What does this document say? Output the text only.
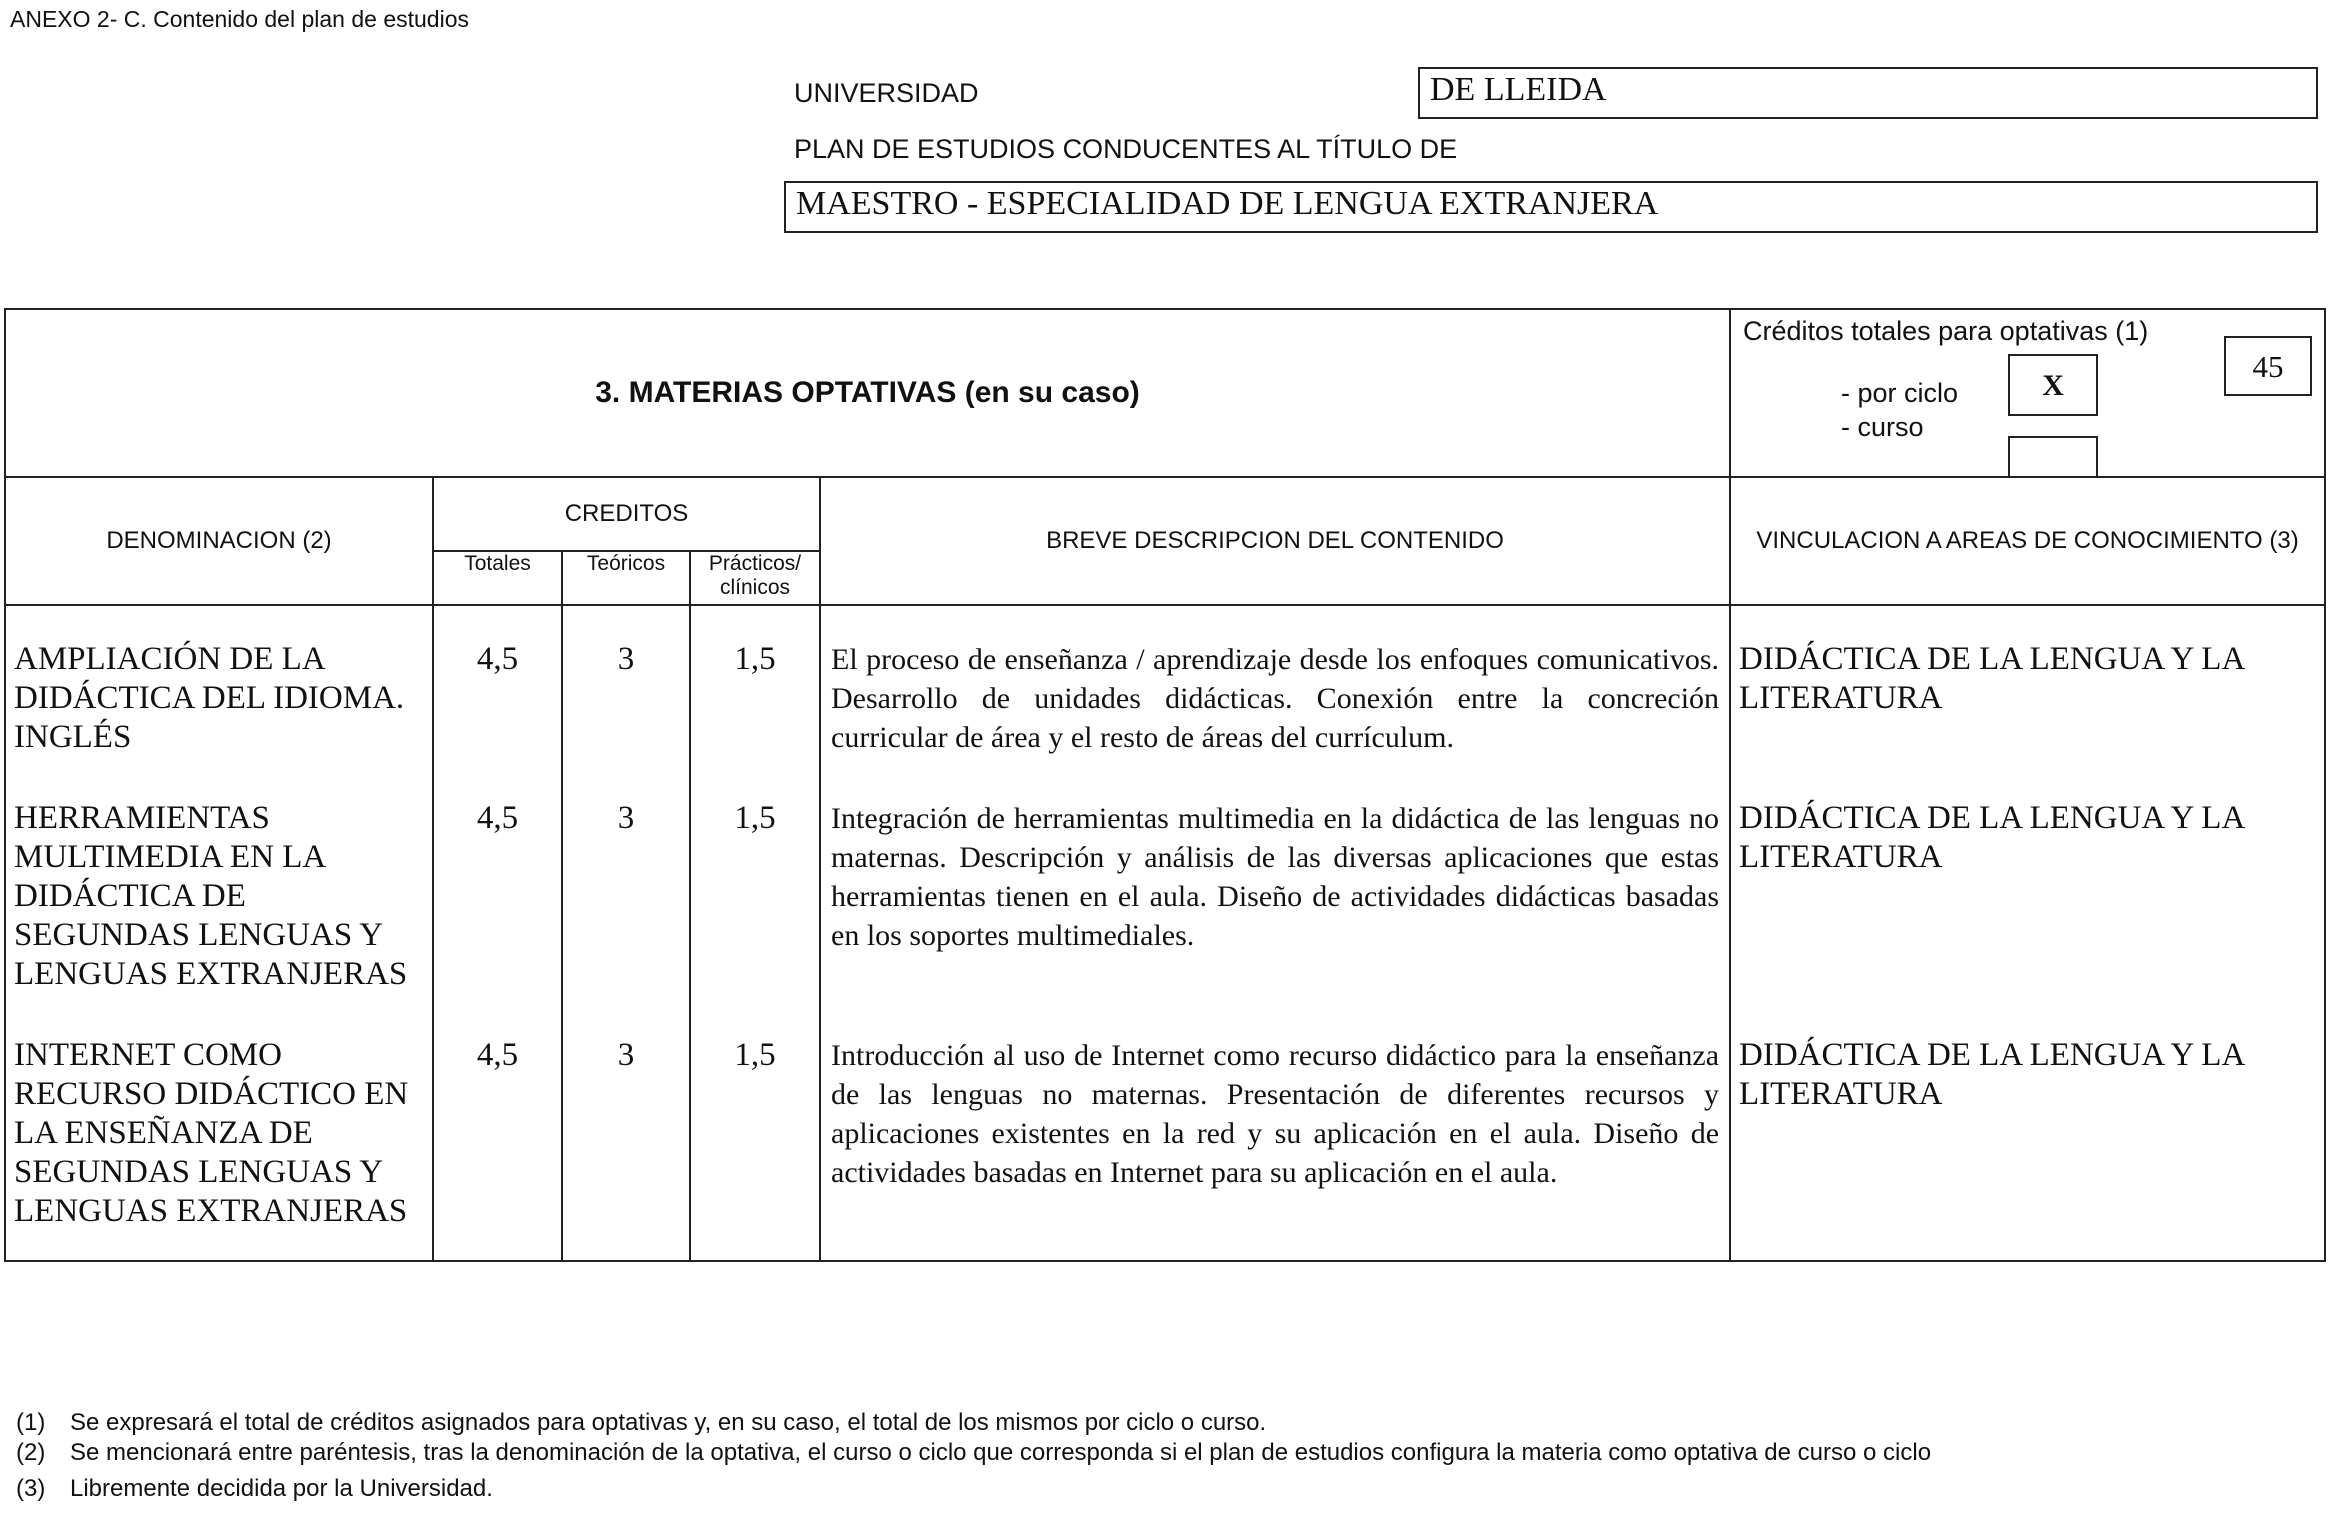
ANEXO 2- C. Contenido del plan de estudios
UNIVERSIDAD	DE LLEIDA
PLAN DE ESTUDIOS CONDUCENTES AL TÍTULO DE
MAESTRO - ESPECIALIDAD DE LENGUA EXTRANJERA
3. MATERIAS OPTATIVAS (en su caso)					Créditos totales para optativas (1)
45
- por ciclo
- curso
X

DENOMINACION (2)	CREDITOS			BREVE DESCRIPCION DEL CONTENIDO	VINCULACION A AREAS DE CONOCIMIENTO (3)
	Totales	Teóricos	Prácticos/ clínicos		

AMPLIACIÓN DE LA DIDÁCTICA DEL IDIOMA. INGLÉS	4,5	3	1,5	El proceso de enseñanza / aprendizaje desde los enfoques comunicativos. Desarrollo de unidades didácticas. Conexión entre la concreción curricular de área y el resto de áreas del currículum.	DIDÁCTICA DE LA LENGUA Y LA LITERATURA

HERRAMIENTAS MULTIMEDIA EN LA DIDÁCTICA DE SEGUNDAS LENGUAS Y LENGUAS EXTRANJERAS	4,5	3	1,5	Integración de herramientas multimedia en la didáctica de las lenguas no maternas. Descripción y análisis de las diversas aplicaciones que estas herramientas tienen en el aula. Diseño de actividades didácticas basadas en los soportes multimediales.	DIDÁCTICA DE LA LENGUA Y LA LITERATURA

INTERNET COMO RECURSO DIDÁCTICO EN LA ENSEÑANZA DE SEGUNDAS LENGUAS Y LENGUAS EXTRANJERAS	4,5	3	1,5	Introducción al uso de Internet como recurso didáctico para la enseñanza de las lenguas no maternas. Presentación de diferentes recursos y aplicaciones existentes en la red y su aplicación en el aula. Diseño de actividades basadas en Internet para su aplicación en el aula.	DIDÁCTICA DE LA LENGUA Y LA LITERATURA

(1)	Se expresará el total de créditos asignados para optativas y, en su caso, el total de los mismos por ciclo o curso.
(2)	Se mencionará entre paréntesis, tras la denominación de la optativa, el curso o ciclo que corresponda si el plan de estudios configura la materia como optativa de curso o ciclo
(3)	Libremente decidida por la Universidad.
